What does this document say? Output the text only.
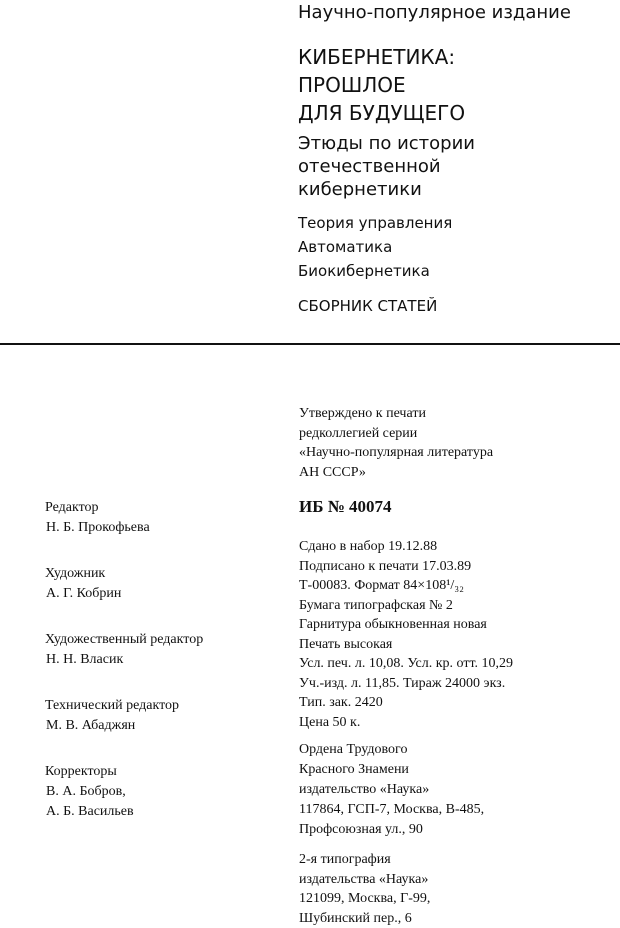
Научно-популярное издание
КИБЕРНЕТИКА:
ПРОШЛОЕ
ДЛЯ БУДУЩЕГО
Этюды по истории
отечественной
кибернетики
Теория управления
Автоматика
Биокибернетика
СБОРНИК СТАТЕЙ
Утверждено к печати
редколлегией серии
«Научно-популярная литература
АН СССР»
ИБ № 40074
Редактор
Н. Б. Прокофьева
Художник
А. Г. Кобрин
Художественный редактор
Н. Н. Власик
Технический редактор
М. В. Абаджян
Корректоры
В. А. Бобров,
А. Б. Васильев
Сдано в набор 19.12.88
Подписано к печати 17.03.89
Т-00083. Формат 84×108¹/₃₂
Бумага типографская № 2
Гарнитура обыкновенная новая
Печать высокая
Усл. печ. л. 10,08. Усл. кр. отт. 10,29
Уч.-изд. л. 11,85. Тираж 24000 экз.
Тип. зак. 2420
Цена 50 к.
Ордена Трудового
Красного Знамени
издательство «Наука»
117864, ГСП-7, Москва, В-485,
Профсоюзная ул., 90
2-я типография
издательства «Наука»
121099, Москва, Г-99,
Шубинский пер., 6
